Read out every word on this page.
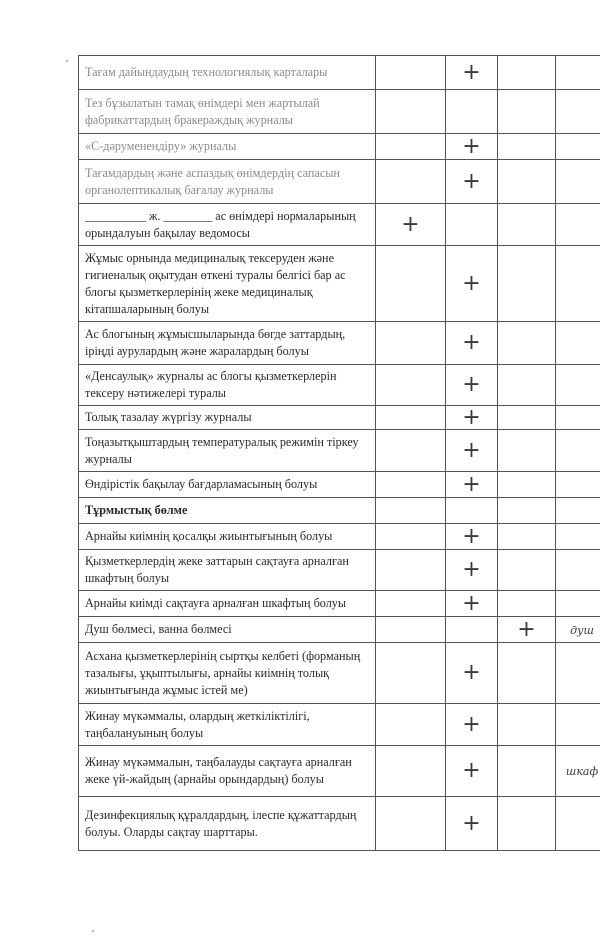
Тағам дайындаудың технологиялық карталары		+		
Тез бұзылатын тамақ өнімдері мен жартылай фабрикаттардың бракераждық журналы				
«С-дәруменендіру» журналы		+		
Тағамдардың және аспаздық өнімдердің сапасын органолептикалық бағалау журналы		+		
__________ ж. ________ ас өнімдері нормаларының орындалуын бақылау ведомосы	+			
Жұмыс орнында медициналық тексеруден және гигиеналық оқытудан өткені туралы белгісі бар ас блогы қызметкерлерінің жеке медициналық кітапшаларының болуы		+		
Ас блогының жұмысшыларында бөгде заттардың, іріңді аурулардың және жаралардың болуы		+		
«Денсаулық» журналы ас блогы қызметкерлерін тексеру нәтижелері туралы		+		
Толық тазалау жүргізу журналы		+		
Тоңазытқыштардың температуралық режимін тіркеу журналы		+		
Өндірістік бақылау бағдарламасының болуы		+		
Тұрмыстық бөлме				
Арнайы киімнің қосалқы жиынтығының болуы		+		
Қызметкерлердің жеке заттарын сақтауға арналған шкафтың болуы		+		
Арнайы киімді сақтауға арналған шкафтың болуы		+		
Душ бөлмесі, ванна бөлмесі			+	душ
Асхана қызметкерлерінің сыртқы келбеті (форманың тазалығы, ұқыптылығы, арнайы киімнің толық жиынтығында жұмыс істей ме)		+		
Жинау мүкәммалы, олардың жеткіліктілігі, таңбалануының болуы		+		
Жинау мүкәммалын, таңбалауды сақтауға арналған жеке үй-жайдың (арнайы орындардың) болуы		+		шкаф
Дезинфекциялық құралдардың, ілеспе құжаттардың болуы. Оларды сақтау шарттары.		+		
